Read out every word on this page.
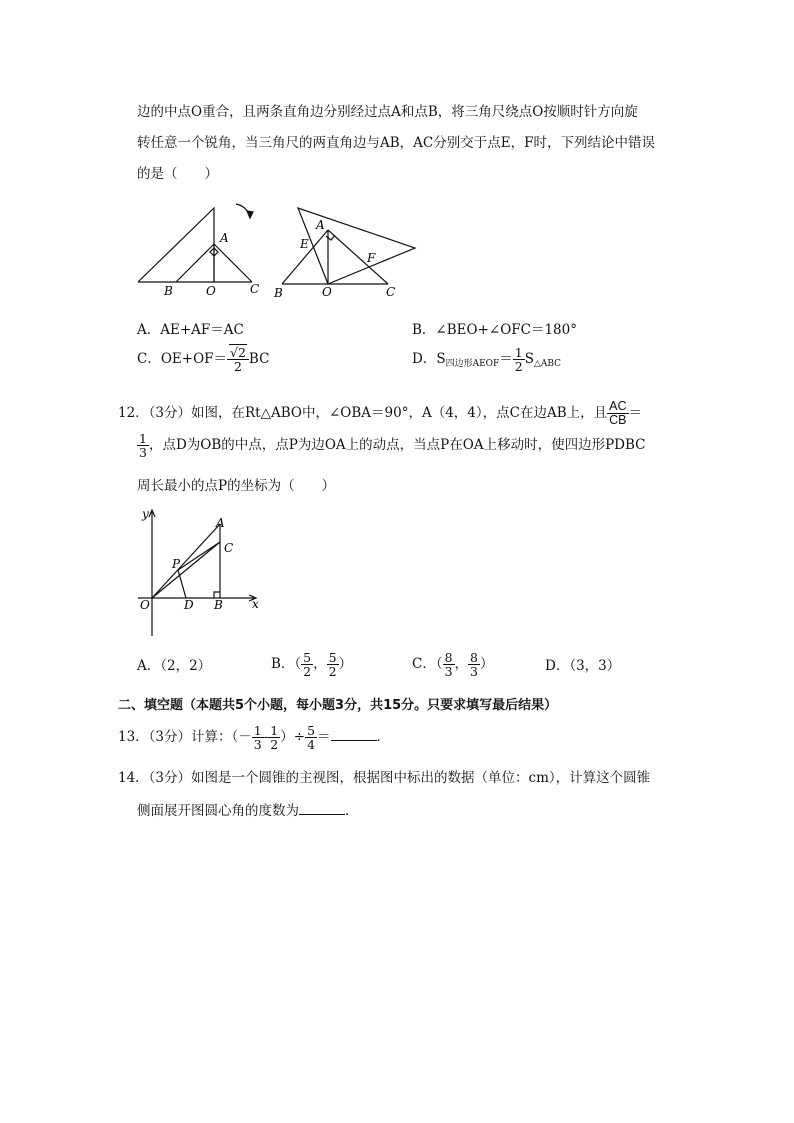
边的中点O重合，且两条直角边分别经过点A和点B，将三角尺绕点O按顺时针方向旋
转任意一个锐角，当三角尺的两直角边与AB，AC分别交于点E，F时，下列结论中错误
的是（　　）
A
B	O	C
A
E
F
B	O	C
A．AE+AF＝AC	B．∠BEO+∠OFC＝180°
C．$OE+OF= \frac{√2}{2}$ BC	D．$S_{四边形AEOF}= \frac{1}{2} S_{\triangle ABC}$
12．（3分）如图，在Rt△ABO中，∠OBA＝90°，A（4，4），点C在边AB上，且 $\frac{AC}{CB}$ ＝
$\frac{1}{3}$ ，点D为OB的中点，点P为边OA上的动点，当点P在OA上移动时，使四边形PDBC
周长最小的点P的坐标为（　　）
y
x
O
A
C
P
D B
A．（2，2）	B．（ $\frac{5}{2}$ ， $\frac{5}{2}$ ）	C．（ $\frac{8}{3}$ ， $\frac{8}{3}$ ）	D．（3，3）
二、填空题（本题共5个小题，每小题3分，共15分。只要求填写最后结果）
13．（3分）计算：（－ $\frac{1}{3} - \frac{1}{2}$ ）÷ $\frac{5}{4}$ ＝	．
14．（3分）如图是一个圆锥的主视图，根据图中标出的数据（单位：cm），计算这个圆锥
侧面展开图圆心角的度数为	．
